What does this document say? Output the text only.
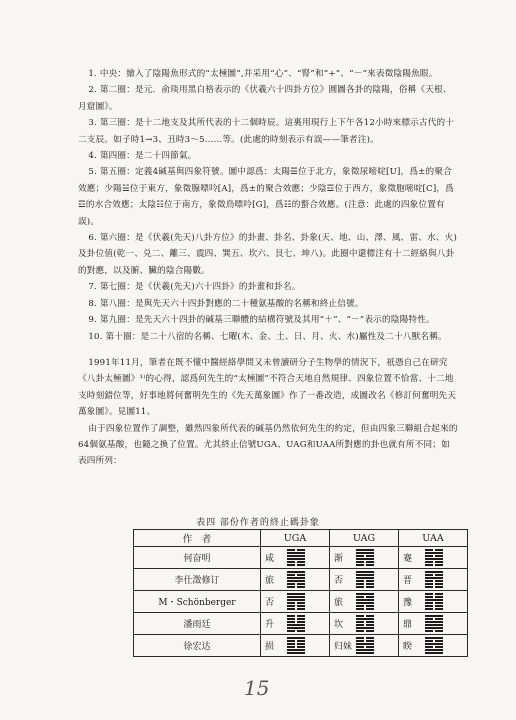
1. 中央：繪入了陰陽魚形式的“太極圖”,并采用“心”、“腎”和“+”、“－”來表徵陰陽魚眼。

2. 第二圈：是元．俞琰用黑白格表示的《伏羲六十四卦方位》圓圖各卦的陰陽，俗稱《天根、月窟圖》。

3. 第三圈：是十二地支及其所代表的十二個時辰。這裏用現行上下午各12小時來標示古代的十二支辰。如子時1→3、丑時3～5……等。(此處的時刻表示有誤——筆者注)。

4. 第四圈：是二十四節氣。

5. 第五圈：定義4碱基與四象符號。圖中認爲：太陽☰位于北方，象徵尿嘧啶[U]，爲±的聚合效應；少陽☱位于東方，象徵腺嘌呤[A]，爲±的聚合效應；少陰☲位于西方，象徵胞嘧啶[C]，爲☲的水合效應；太陰☷位于南方，象徵鳥嘌呤[G]，爲☷的螯合效應。(注意：此處的四象位置有誤)。

6. 第六圈：是《伏羲(先天)八卦方位》的卦畫、卦名、卦象(天、地、山、澤、風、雷、水、火)及卦位值(乾一、兑二、離三、震四、巽五、坎六、艮七、坤八)。此圈中還標注有十二經絡與八卦的對應，以及腑、臟的陰合陽數。

7. 第七圈：是《伏羲(先天)六十四卦》的卦畫和卦名。

8. 第八圈：是與先天六十四卦對應的二十種氨基酸的名稱和終止信號。

9. 第九圈：是先天六十四卦的碱基三聯體的結構符號及其用“＋”、“－”表示的陰陽特性。

10. 第十圈：是二十八宿的名稱、七曜(木、金、土、日、月、火、水)屬性及二十八獸名稱。

1991年11月，筆者在既不懂中醫經絡學問又未曾讀研分子生物學的情況下，祇憑自己在研究《八卦太極圖》¹⁾的心得，認爲何先生的“太極圖”不符合天地自然規律、四象位置不恰當、十二地支時刻錯位等，好事地將何奮明先生的《先天萬象圖》作了一番改造，成圖改名《修訂何奮明先天萬象圖》。見圖11。

由于四象位置作了調整，雖然四象所代表的碱基仍然依何先生的約定，但由四象三聯組合起來的64個氨基酸，也隨之換了位置。尤其終止信號UGA、UAG和UAA所對應的卦也就有所不同；如表四所列：

表四 部份作者的終止碼卦象
作　者	UGA	UAG	UAA
何奋明	咸	渐	蹇

李仕澂修订	旅	否	晋

M・Schönberger	否	旅	豫

潘雨廷	升	坎	鼎

徐宏达	损	归妹	睽
15
